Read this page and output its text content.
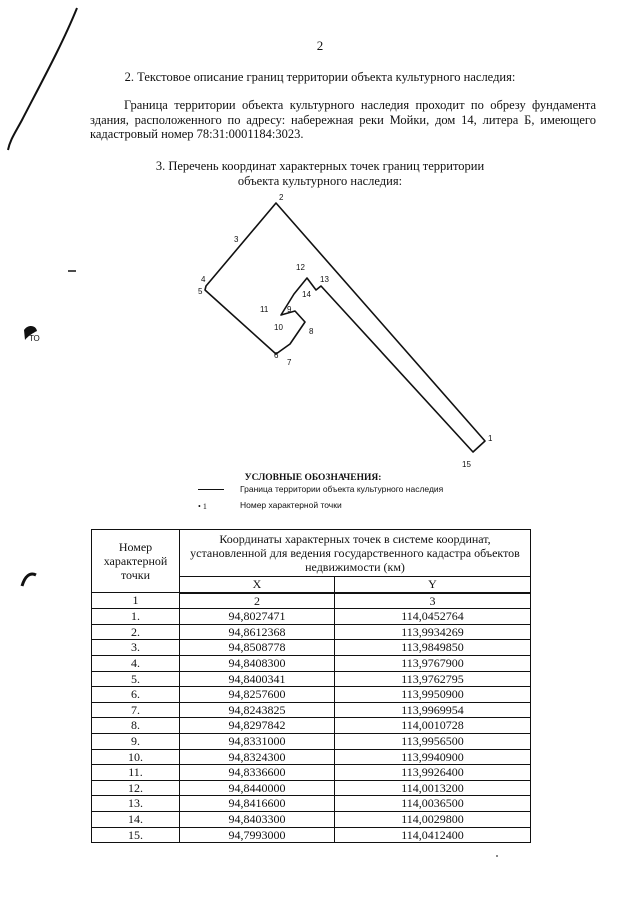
ТО
2
2. Текстовое описание границ территории объекта культурного наследия:
Граница территории объекта культурного наследия проходит по обрезу фундамента здания, расположенного по адресу: набережная реки Мойки, дом 14, литера Б, имеющего кадастровый номер 78:31:0001184:3023.
3. Перечень координат характерных точек границ территории
объекта культурного наследия:
1
2
3
4
5
6
7
8
9
10
11
12
13
14
15
УСЛОВНЫЕ ОБОЗНАЧЕНИЯ:
Граница территории объекта культурного наследия
• 1	Номер характерной точки
Номер характерной точки	Координаты характерных точек в системе координат, установленной для ведения государственного кадастра объектов недвижимости (км)	
	X	Y
1	2	3
1.	94,8027471	114,0452764
2.	94,8612368	113,9934269
3.	94,8508778	113,9849850
4.	94,8408300	113,9767900
5.	94,8400341	113,9762795
6.	94,8257600	113,9950900
7.	94,8243825	113,9969954
8.	94,8297842	114,0010728
9.	94,8331000	113,9956500
10.	94,8324300	113,9940900
11.	94,8336600	113,9926400
12.	94,8440000	114,0013200
13.	94,8416600	114,0036500
14.	94,8403300	114,0029800
15.	94,7993000	114,0412400
